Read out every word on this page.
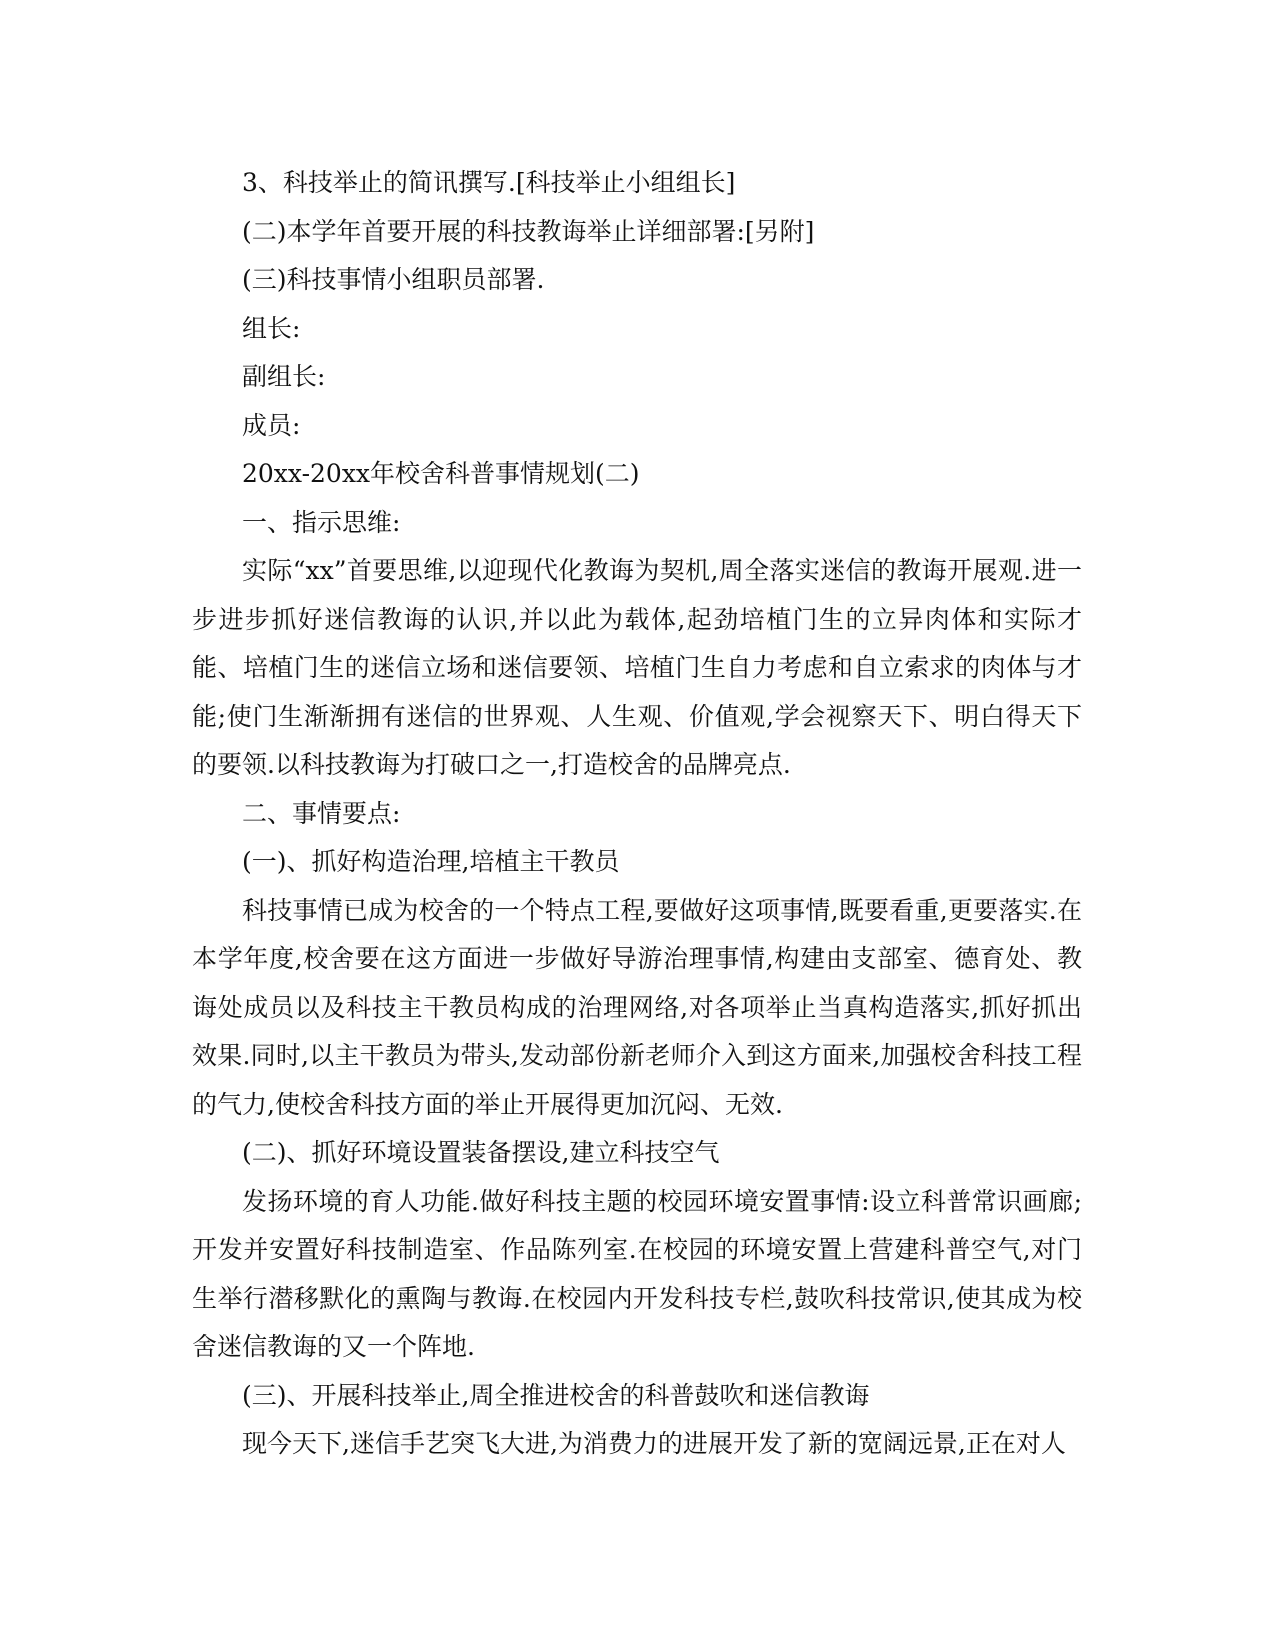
3、科技举止的简讯撰写.[科技举止小组组长]

(二)本学年首要开展的科技教诲举止详细部署:[另附]

(三)科技事情小组职员部署.

组长:

副组长:

成员:

20xx-20xx年校舍科普事情规划(二)

一、指示思维:

实际“xx”首要思维,以迎现代化教诲为契机,周全落实迷信的教诲开展观.进一步进步抓好迷信教诲的认识,并以此为载体,起劲培植门生的立异肉体和实际才能、培植门生的迷信立场和迷信要领、培植门生自力考虑和自立索求的肉体与才能;使门生渐渐拥有迷信的世界观、人生观、价值观,学会视察天下、明白得天下的要领.以科技教诲为打破口之一,打造校舍的品牌亮点.

二、事情要点:

(一)、抓好构造治理,培植主干教员

科技事情已成为校舍的一个特点工程,要做好这项事情,既要看重,更要落实.在本学年度,校舍要在这方面进一步做好导游治理事情,构建由支部室、德育处、教诲处成员以及科技主干教员构成的治理网络,对各项举止当真构造落实,抓好抓出效果.同时,以主干教员为带头,发动部份新老师介入到这方面来,加强校舍科技工程的气力,使校舍科技方面的举止开展得更加沉闷、无效.

(二)、抓好环境设置装备摆设,建立科技空气

发扬环境的育人功能.做好科技主题的校园环境安置事情:设立科普常识画廊;开发并安置好科技制造室、作品陈列室.在校园的环境安置上营建科普空气,对门生举行潜移默化的熏陶与教诲.在校园内开发科技专栏,鼓吹科技常识,使其成为校舍迷信教诲的又一个阵地.

(三)、开展科技举止,周全推进校舍的科普鼓吹和迷信教诲

现今天下,迷信手艺突飞大进,为消费力的进展开发了新的宽阔远景,正在对人
